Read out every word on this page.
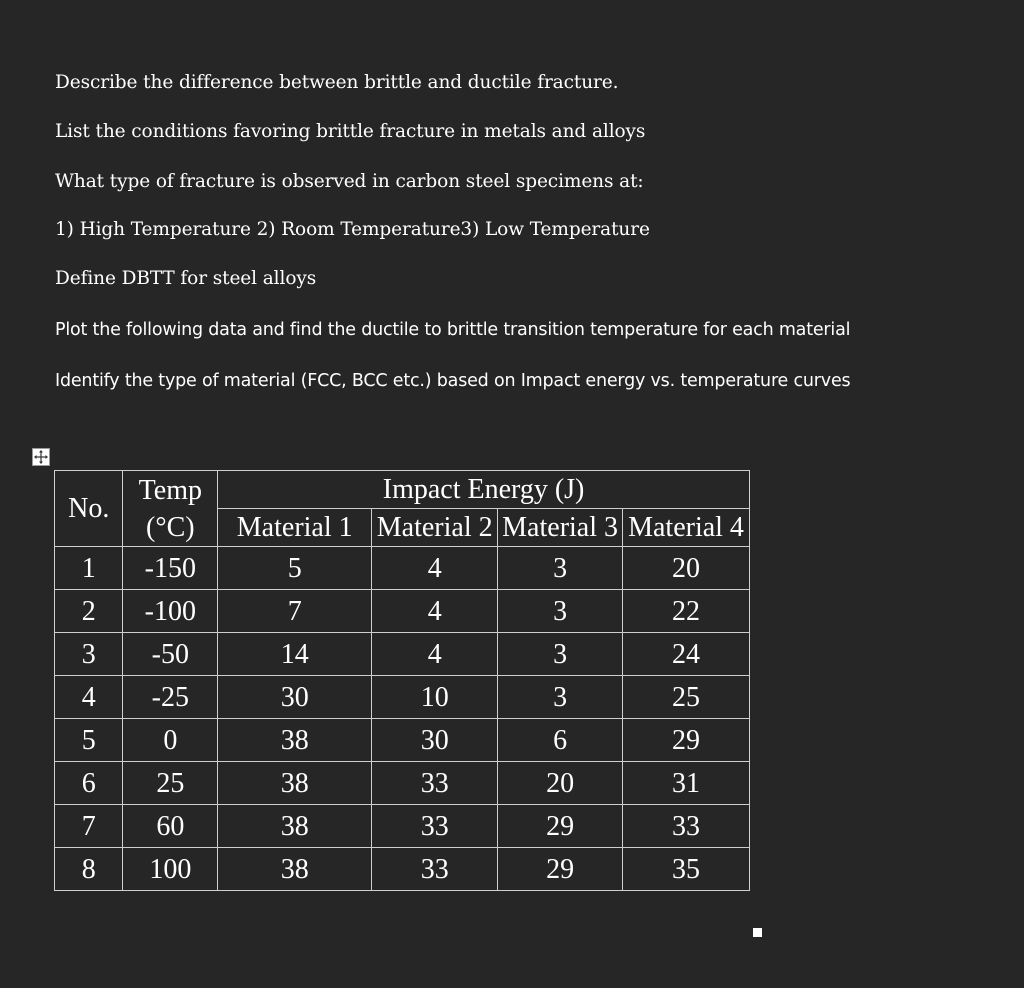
Describe the difference between brittle and ductile fracture.

List the conditions favoring brittle fracture in metals and alloys

What type of fracture is observed in carbon steel specimens at:

1) High Temperature 2) Room Temperature3) Low Temperature

Define DBTT for steel alloys

Plot the following data and find the ductile to brittle transition temperature for each material

Identify the type of material (FCC, BCC etc.) based on Impact energy vs. temperature curves

No.	Temp (°C)	Impact Energy (J)			
		Material 1	Material 2	Material 3	Material 4
1	-150	5	4	3	20
2	-100	7	4	3	22
3	-50	14	4	3	24
4	-25	30	10	3	25
5	0	38	30	6	29
6	25	38	33	20	31
7	60	38	33	29	33
8	100	38	33	29	35
